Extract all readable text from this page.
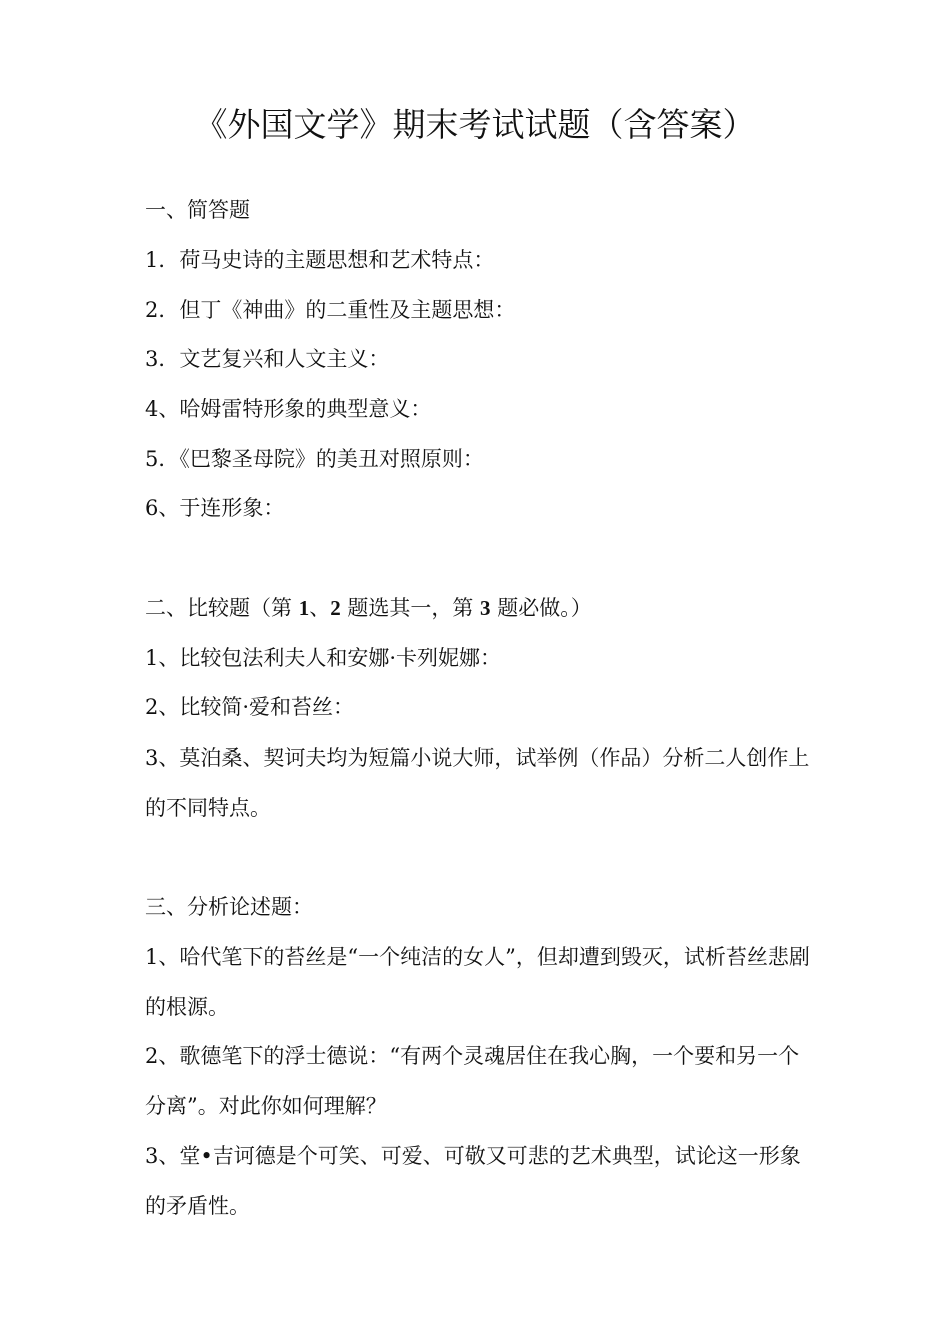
《外国文学》期末考试试题（含答案）
一、简答题
1．荷马史诗的主题思想和艺术特点：
2．但丁《神曲》的二重性及主题思想：
3．文艺复兴和人文主义：
4、哈姆雷特形象的典型意义：
5．《巴黎圣母院》的美丑对照原则：
6、于连形象：
二、比较题（第 1、2 题选其一，第 3 题必做。）
1、比较包法利夫人和安娜·卡列妮娜：
2、比较简·爱和苔丝：
3、莫泊桑、契诃夫均为短篇小说大师，试举例（作品）分析二人创作上的不同特点。
三、分析论述题：
1、哈代笔下的苔丝是“一个纯洁的女人”，但却遭到毁灭，试析苔丝悲剧的根源。
2、歌德笔下的浮士德说：“有两个灵魂居住在我心胸，一个要和另一个分离”。对此你如何理解？
3、堂•吉诃德是个可笑、可爱、可敬又可悲的艺术典型，试论这一形象的矛盾性。
